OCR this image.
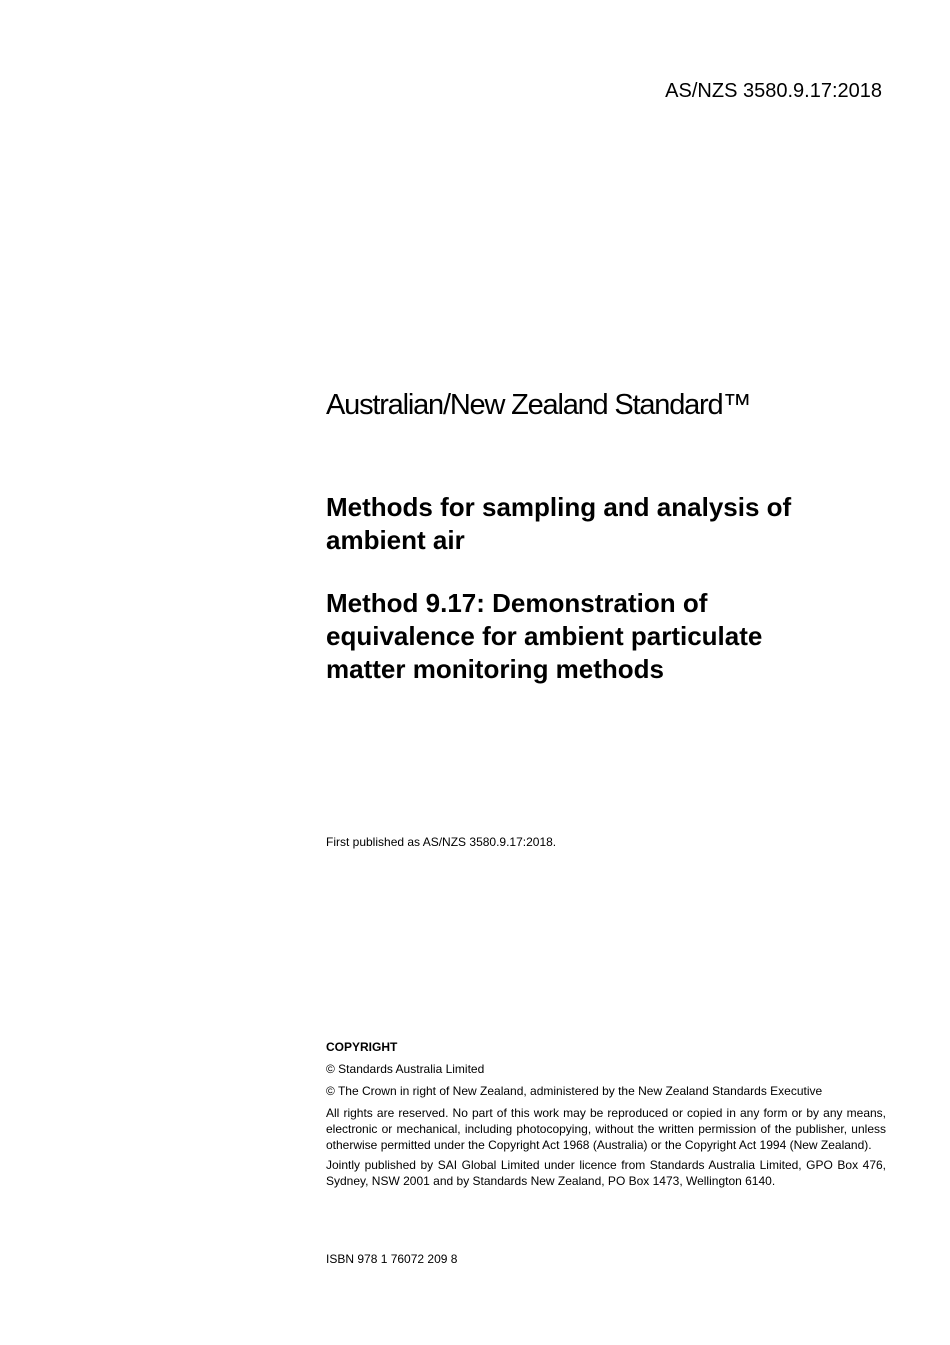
AS/NZS 3580.9.17:2018
Australian/New Zealand Standard™
Methods for sampling and analysis of ambient air
Method 9.17: Demonstration of
equivalence for ambient particulate
matter monitoring methods
First published as AS/NZS 3580.9.17:2018.
COPYRIGHT
© Standards Australia Limited
© The Crown in right of New Zealand, administered by the New Zealand Standards Executive
All rights are reserved. No part of this work may be reproduced or copied in any form or by any means, electronic or mechanical, including photocopying, without the written permission of the publisher, unless otherwise permitted under the Copyright Act 1968 (Australia) or the Copyright Act 1994 (New Zealand).
Jointly published by SAI Global Limited under licence from Standards Australia Limited, GPO Box 476, Sydney, NSW 2001 and by Standards New Zealand, PO Box 1473, Wellington 6140.
ISBN 978 1 76072 209 8
